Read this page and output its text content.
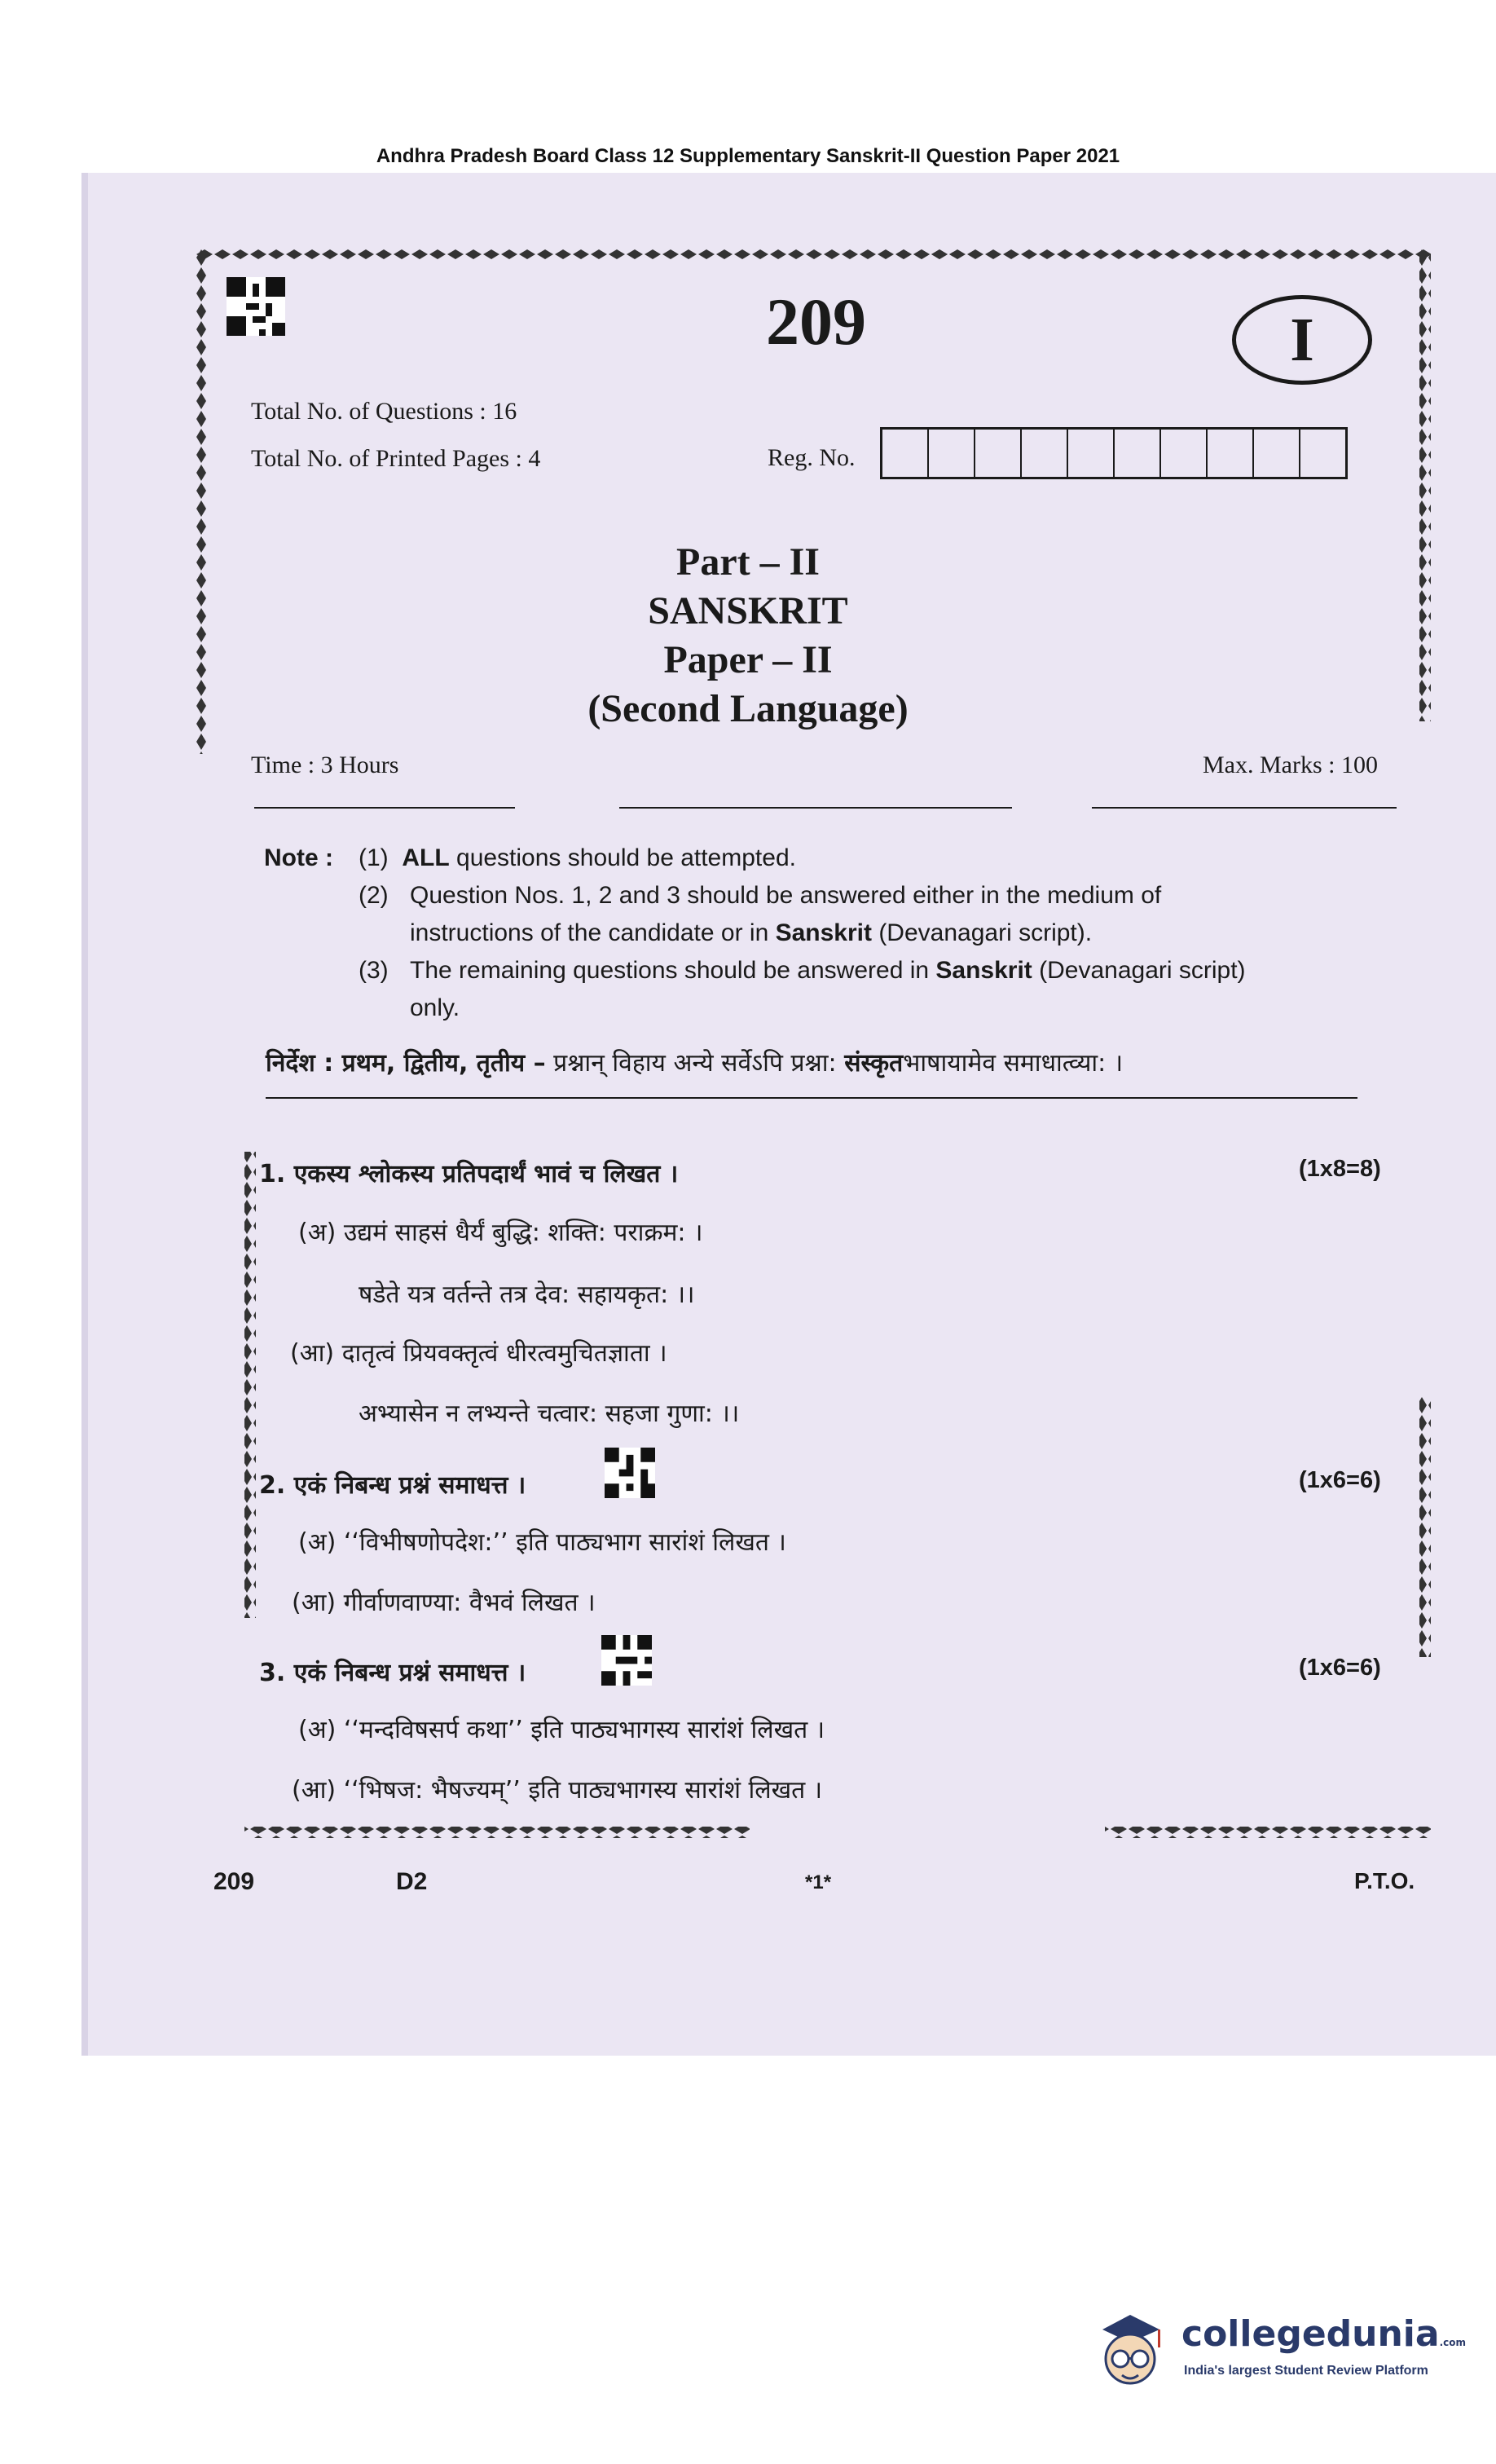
Andhra Pradesh Board Class 12 Supplementary Sanskrit-II Question Paper 2021
209	I
Total No. of Questions : 16
Total No. of Printed Pages : 4	Reg. No.
Part – II
SANSKRIT
Paper – II
(Second Language)
Time : 3 Hours	Max. Marks : 100
Note : (1) ALL questions should be attempted.
(2) Question Nos. 1, 2 and 3 should be answered either in the medium of
instructions of the candidate or in Sanskrit (Devanagari script).
(3) The remaining questions should be answered in Sanskrit (Devanagari script)
only.
निर्देश : प्रथम, द्वितीय, तृतीय – प्रश्नान् विहाय अन्ये सर्वेऽपि प्रश्ना: संस्कृतभाषायामेव समाधात्व्या: ।
1. एकस्य श्लोकस्य प्रतिपदार्थं भावं च लिखत ।	(1x8=8)
(अ) उद्यमं साहसं धैर्यं बुद्धि: शक्ति: पराक्रम: ।
षडेते यत्र वर्तन्ते तत्र देव: सहायकृत: ।।
(आ) दातृत्वं प्रियवक्तृत्वं धीरत्वमुचितज्ञाता ।
अभ्यासेन न लभ्यन्ते चत्वार: सहजा गुणा: ।।
2. एकं निबन्ध प्रश्नं समाधत्त ।	(1x6=6)
(अ) ‘‘विभीषणोपदेश:’’ इति पाठ्यभाग सारांशं लिखत ।
(आ) गीर्वाणवाण्या: वैभवं लिखत ।
3. एकं निबन्ध प्रश्नं समाधत्त ।	(1x6=6)
(अ) ‘‘मन्दविषसर्प कथा’’ इति पाठ्यभागस्य सारांशं लिखत ।
(आ) ‘‘भिषज: भैषज्यम्’’ इति पाठ्यभागस्य सारांशं लिखत ।
209	D2	*1*	P.T.O.
collegedunia.com
India's largest Student Review Platform
